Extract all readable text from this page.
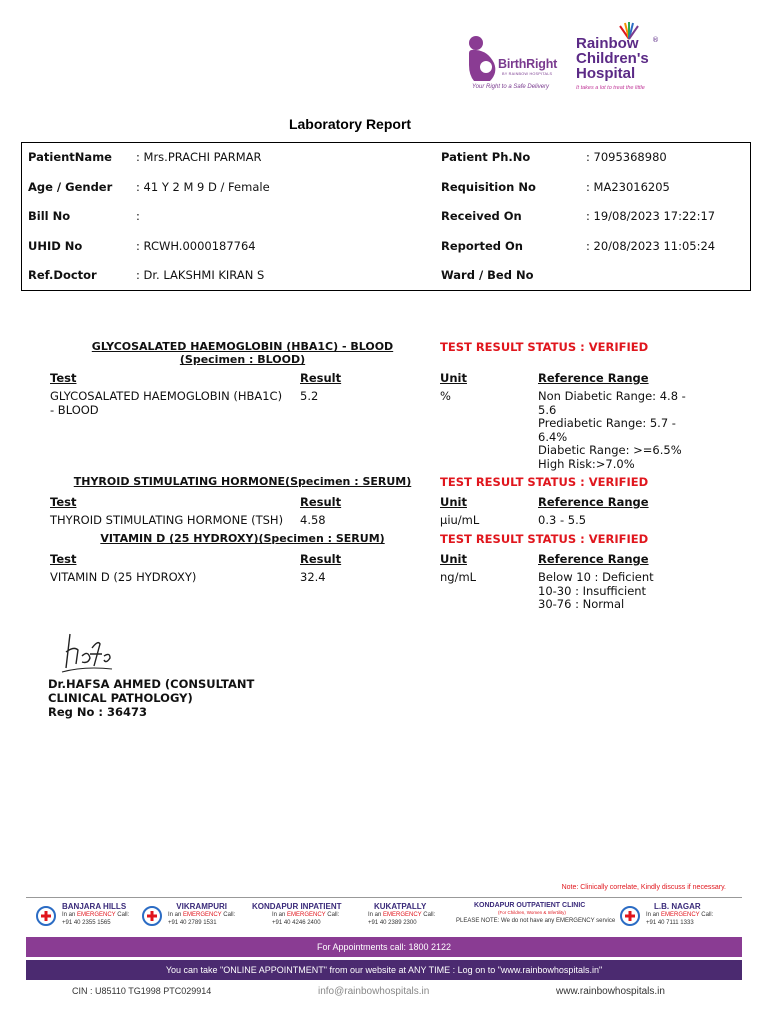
BirthRight
BY RAINBOW HOSPITALS
Your Right to a Safe Delivery
Rainbow
Children's
Hospital
®
It takes a lot to treat the little
Laboratory Report
PatientName : Mrs.PRACHI PARMAR	Patient Ph.No	: 7095368980
Age / Gender : 41 Y 2 M 9 D / Female	Requisition No	: MA23016205
Bill No	:	Received On	: 19/08/2023 17:22:17
UHID No	: RCWH.0000187764	Reported On	: 20/08/2023 11:05:24
Ref.Doctor	: Dr. LAKSHMI KIRAN S	Ward / Bed No
GLYCOSALATED HAEMOGLOBIN (HBA1C) - BLOOD (Specimen : BLOOD)
TEST RESULT STATUS : VERIFIED
Test	Result	Unit	Reference Range
GLYCOSALATED HAEMOGLOBIN (HBA1C)
- BLOOD
5.2	%	Non Diabetic Range: 4.8 -
5.6
Prediabetic Range: 5.7 -
6.4%
Diabetic Range: >=6.5%
High Risk:>7.0%
THYROID STIMULATING HORMONE(Specimen : SERUM)	TEST RESULT STATUS : VERIFIED
Test	Result	Unit	Reference Range
THYROID STIMULATING HORMONE (TSH) 4.58	µiu/mL	0.3 - 5.5
VITAMIN D (25 HYDROXY)(Specimen : SERUM)	TEST RESULT STATUS : VERIFIED
Test	Result	Unit	Reference Range
VITAMIN D (25 HYDROXY)	32.4	ng/mL	Below 10 : Deficient
10-30 : Insufficient
30-76 : Normal
Dr.HAFSA AHMED (CONSULTANT
CLINICAL PATHOLOGY)
Reg No : 36473
Note: Clinically correlate, Kindly discuss if necessary.
BANJARA HILLS
In an EMERGENCY Call:
+91 40 2355 1565
VIKRAMPURI
In an EMERGENCY Call:
+91 40 2789 1531
KONDAPUR INPATIENT
In an EMERGENCY Call:
+91 40 4246 2400
KUKATPALLY
In an EMERGENCY Call:
+91 40 2389 2300
KONDAPUR OUTPATIENT CLINIC
(For Children, Women & Infertility)
PLEASE NOTE: We do not have any EMERGENCY service
L.B. NAGAR
In an EMERGENCY Call:
+91 40 7111 1333
For Appointments call: 1800 2122
You can take "ONLINE APPOINTMENT" from our website at ANY TIME : Log on to "www.rainbowhospitals.in"
CIN : U85110 TG1998 PTC029914	info@rainbowhospitals.in	www.rainbowhospitals.in
